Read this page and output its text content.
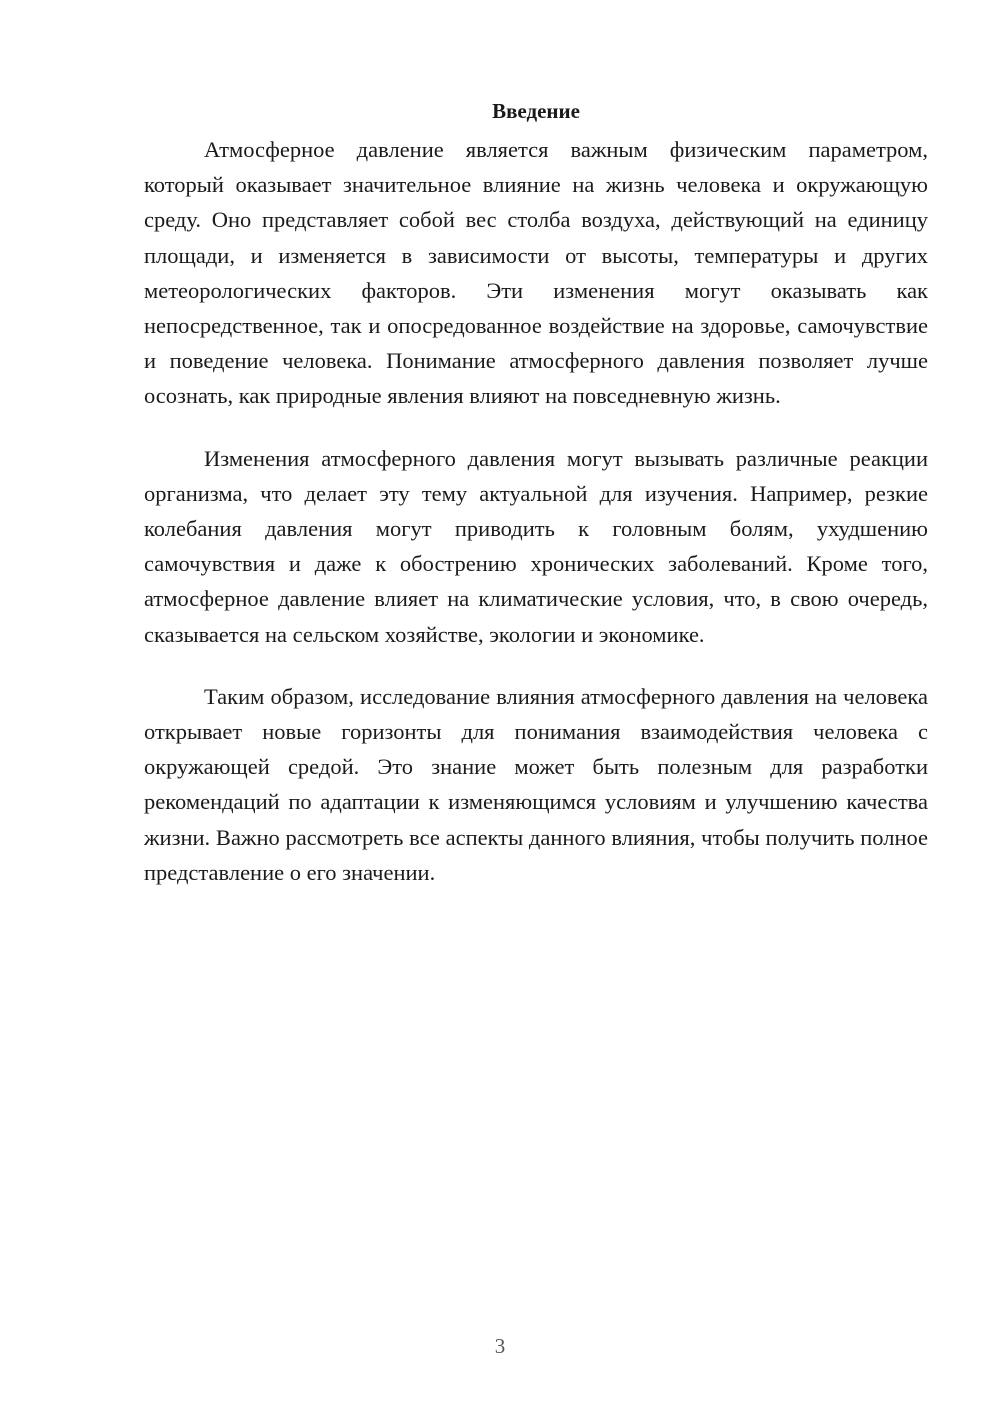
Введение

Атмосферное давление является важным физическим параметром, который оказывает значительное влияние на жизнь человека и окружающую среду. Оно представляет собой вес столба воздуха, действующий на единицу площади, и изменяется в зависимости от высоты, температуры и других метеорологических факторов. Эти изменения могут оказывать как непосредственное, так и опосредованное воздействие на здоровье, самочувствие и поведение человека. Понимание атмосферного давления позволяет лучше осознать, как природные явления влияют на повседневную жизнь.

Изменения атмосферного давления могут вызывать различные реакции организма, что делает эту тему актуальной для изучения. Например, резкие колебания давления могут приводить к головным болям, ухудшению самочувствия и даже к обострению хронических заболеваний. Кроме того, атмосферное давление влияет на климатические условия, что, в свою очередь, сказывается на сельском хозяйстве, экологии и экономике.

Таким образом, исследование влияния атмосферного давления на человека открывает новые горизонты для понимания взаимодействия человека с окружающей средой. Это знание может быть полезным для разработки рекомендаций по адаптации к изменяющимся условиям и улучшению качества жизни. Важно рассмотреть все аспекты данного влияния, чтобы получить полное представление о его значении.

3
